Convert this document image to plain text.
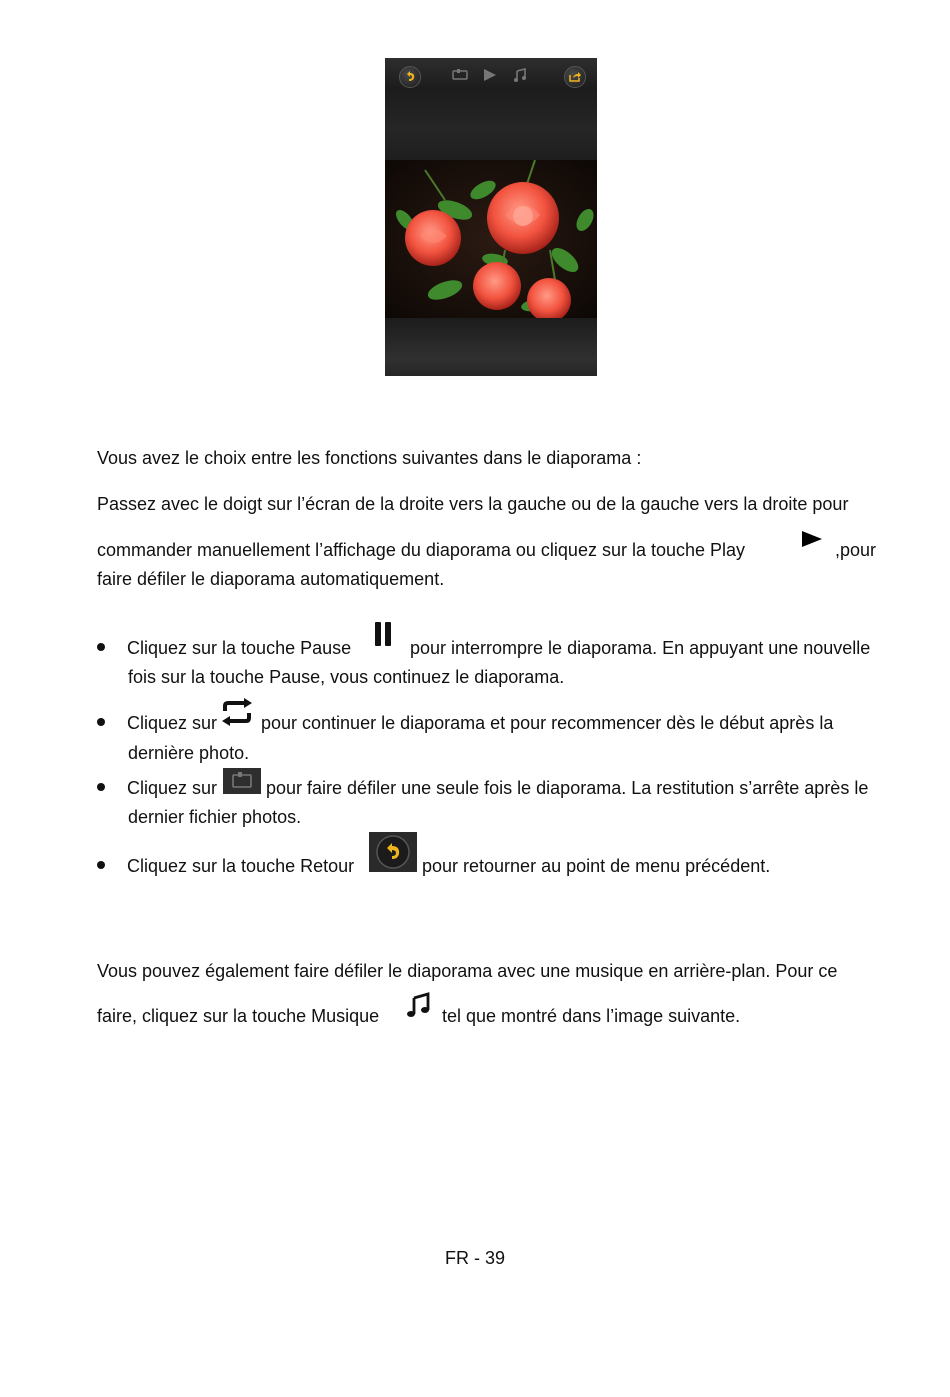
Vous avez le choix entre les fonctions suivantes dans le diaporama :
Passez avec le doigt sur l’écran de la droite vers la gauche ou de la gauche vers la droite pour
commander manuellement l’affichage du diaporama ou cliquez sur la touche Play	,pour
faire défiler le diaporama automatiquement.
Cliquez sur la touche Pause	pour interrompre le diaporama. En appuyant une nouvelle
fois sur la touche Pause, vous continuez le diaporama.
Cliquez sur pour continuer le diaporama et pour recommencer dès le début après la
dernière photo.
Cliquez sur	pour faire défiler une seule fois le diaporama. La restitution s’arrête après le
dernier fichier photos.
Cliquez sur la touche Retour	pour retourner au point de menu précédent.
Vous pouvez également faire défiler le diaporama avec une musique en arrière-plan. Pour ce
faire, cliquez sur la touche Musique	tel que montré dans l’image suivante.
FR - 39
